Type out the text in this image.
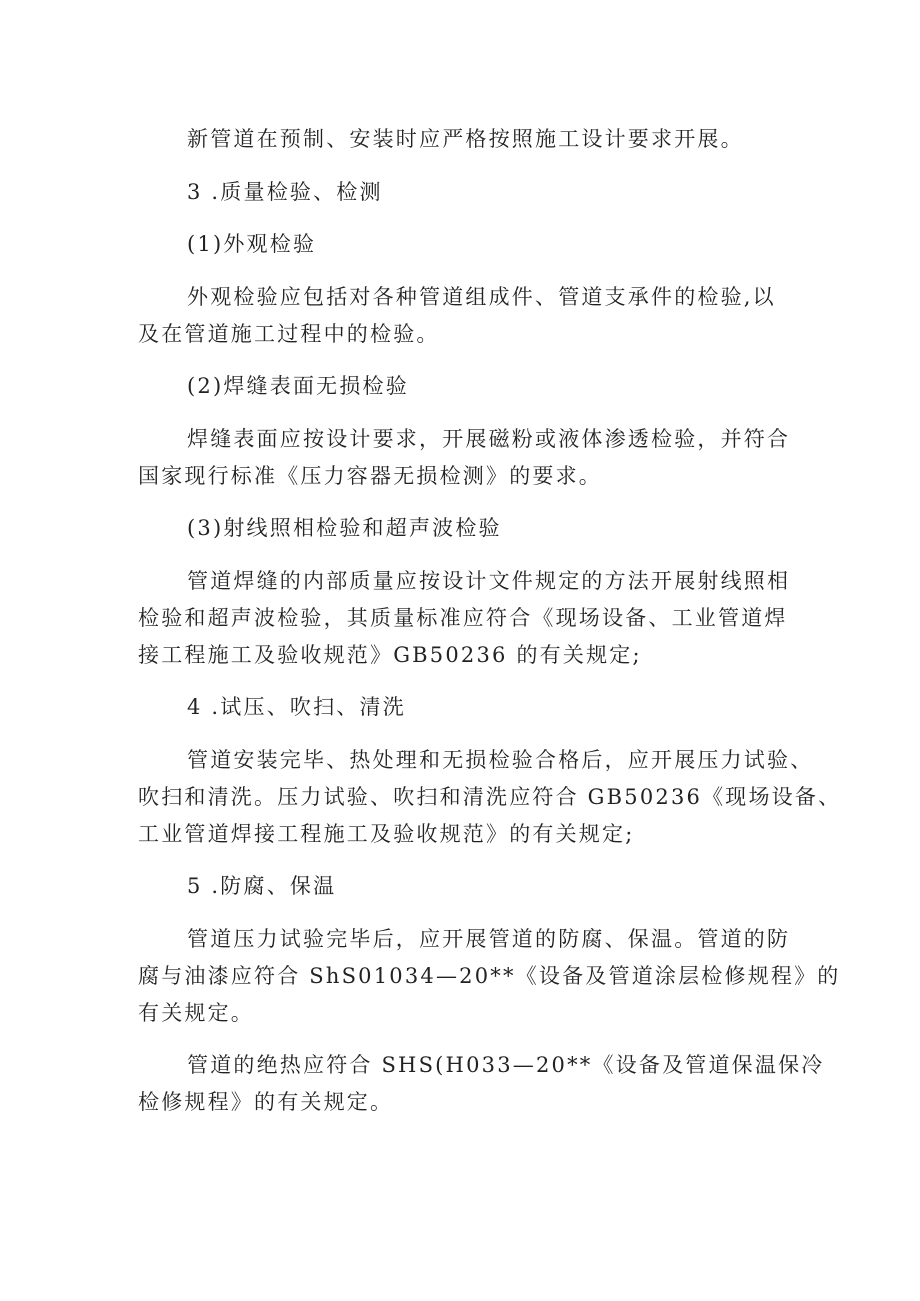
新管道在预制、安装时应严格按照施工设计要求开展。
3 .质量检验、检测
(1)外观检验
外观检验应包括对各种管道组成件、管道支承件的检验,以
及在管道施工过程中的检验。
(2)焊缝表面无损检验
焊缝表面应按设计要求，开展磁粉或液体渗透检验，并符合
国家现行标准《压力容器无损检测》的要求。
(3)射线照相检验和超声波检验
管道焊缝的内部质量应按设计文件规定的方法开展射线照相
检验和超声波检验，其质量标准应符合《现场设备、工业管道焊
接工程施工及验收规范》GB50236 的有关规定;
4 .试压、吹扫、清洗
管道安装完毕、热处理和无损检验合格后，应开展压力试验、
吹扫和清洗。压力试验、吹扫和清洗应符合 GB50236《现场设备、
工业管道焊接工程施工及验收规范》的有关规定;
5 .防腐、保温
管道压力试验完毕后，应开展管道的防腐、保温。管道的防
腐与油漆应符合 ShS01034—20**《设备及管道涂层检修规程》的
有关规定。
管道的绝热应符合 SHS(H033—20**《设备及管道保温保冷
检修规程》的有关规定。
